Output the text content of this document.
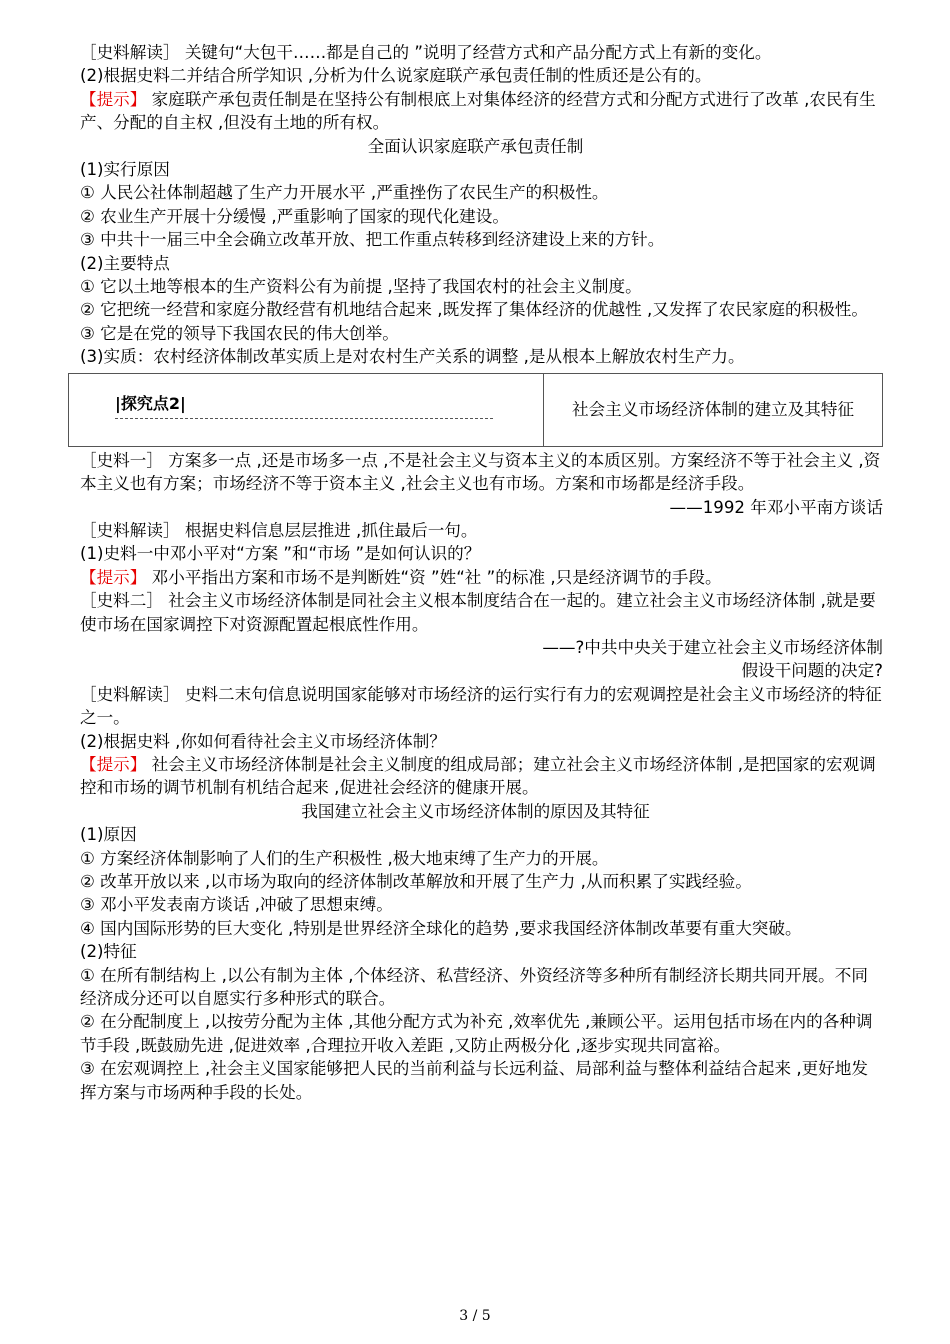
［史料解读］ 关键句“大包干……都是自己的 ”说明了经营方式和产品分配方式上有新的变化。

(2)根据史料二并结合所学知识 ,分析为什么说家庭联产承包责任制的性质还是公有的。

【提示】 家庭联产承包责任制是在坚持公有制根底上对集体经济的经营方式和分配方式进行了改革 ,农民有生产、分配的自主权 ,但没有土地的所有权。

全面认识家庭联产承包责任制

(1)实行原因

① 人民公社体制超越了生产力开展水平 ,严重挫伤了农民生产的积极性。

② 农业生产开展十分缓慢 ,严重影响了国家的现代化建设。

③ 中共十一届三中全会确立改革开放、把工作重点转移到经济建设上来的方针。

(2)主要特点

① 它以土地等根本的生产资料公有为前提 ,坚持了我国农村的社会主义制度。

② 它把统一经营和家庭分散经营有机地结合起来 ,既发挥了集体经济的优越性 ,又发挥了农民家庭的积极性。

③ 它是在党的领导下我国农民的伟大创举。

(3)实质：农村经济体制改革实质上是对农村生产关系的调整 ,是从根本上解放农村生产力。

|探究点2|	社会主义市场经济体制的建立及其特征

［史料一］ 方案多一点 ,还是市场多一点 ,不是社会主义与资本主义的本质区别。方案经济不等于社会主义 ,资本主义也有方案；市场经济不等于资本主义 ,社会主义也有市场。方案和市场都是经济手段。

——1992 年邓小平南方谈话

［史料解读］ 根据史料信息层层推进 ,抓住最后一句。

(1)史料一中邓小平对“方案 ”和“市场 ”是如何认识的？

【提示】 邓小平指出方案和市场不是判断姓“资 ”姓“社 ”的标准 ,只是经济调节的手段。

［史料二］ 社会主义市场经济体制是同社会主义根本制度结合在一起的。建立社会主义市场经济体制 ,就是要使市场在国家调控下对资源配置起根底性作用。

——?中共中央关于建立社会主义市场经济体制

假设干问题的决定?

［史料解读］ 史料二末句信息说明国家能够对市场经济的运行实行有力的宏观调控是社会主义市场经济的特征之一。

(2)根据史料 ,你如何看待社会主义市场经济体制？

【提示】 社会主义市场经济体制是社会主义制度的组成局部；建立社会主义市场经济体制 ,是把国家的宏观调控和市场的调节机制有机结合起来 ,促进社会经济的健康开展。

我国建立社会主义市场经济体制的原因及其特征

(1)原因

① 方案经济体制影响了人们的生产积极性 ,极大地束缚了生产力的开展。

② 改革开放以来 ,以市场为取向的经济体制改革解放和开展了生产力 ,从而积累了实践经验。

③ 邓小平发表南方谈话 ,冲破了思想束缚。

④ 国内国际形势的巨大变化 ,特别是世界经济全球化的趋势 ,要求我国经济体制改革要有重大突破。

(2)特征

① 在所有制结构上 ,以公有制为主体 ,个体经济、私营经济、外资经济等多种所有制经济长期共同开展。不同经济成分还可以自愿实行多种形式的联合。

② 在分配制度上 ,以按劳分配为主体 ,其他分配方式为补充 ,效率优先 ,兼顾公平。运用包括市场在内的各种调节手段 ,既鼓励先进 ,促进效率 ,合理拉开收入差距 ,又防止两极分化 ,逐步实现共同富裕。

③ 在宏观调控上 ,社会主义国家能够把人民的当前利益与长远利益、局部利益与整体利益结合起来 ,更好地发挥方案与市场两种手段的长处。

3 / 5
